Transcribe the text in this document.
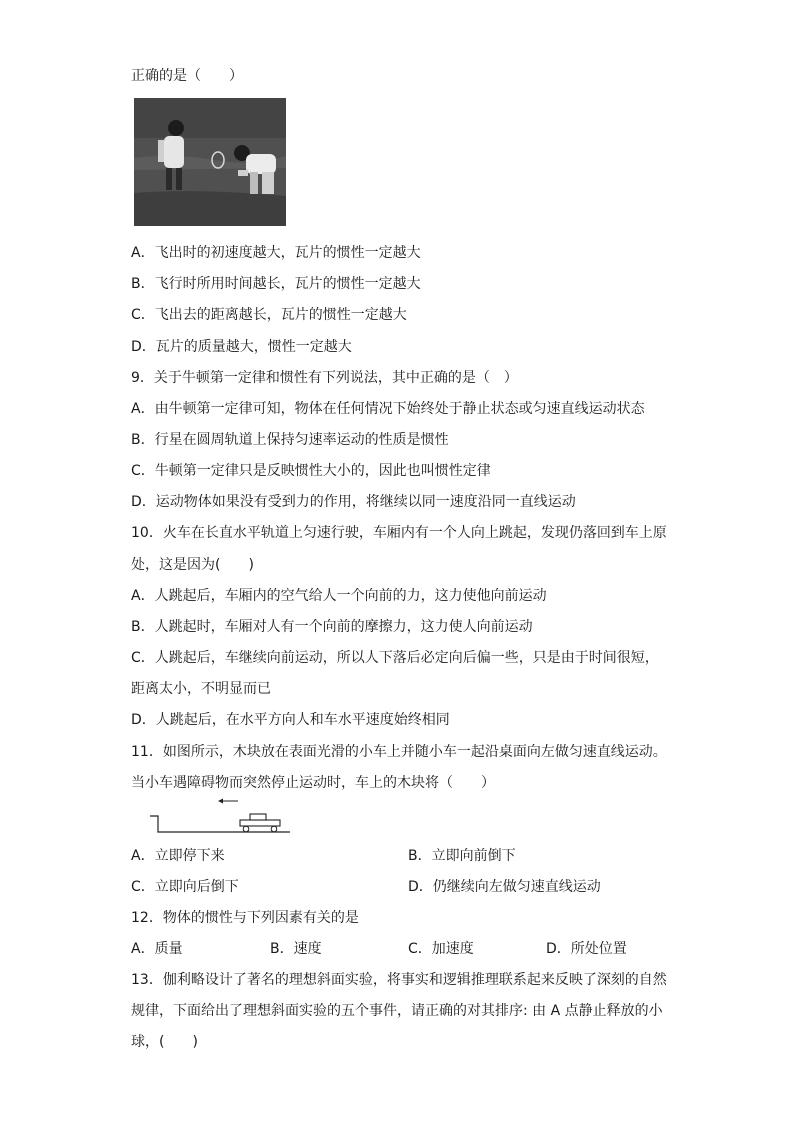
正确的是（　　）
A．飞出时的初速度越大，瓦片的惯性一定越大
B．飞行时所用时间越长，瓦片的惯性一定越大
C．飞出去的距离越长，瓦片的惯性一定越大
D．瓦片的质量越大，惯性一定越大
9．关于牛顿第一定律和惯性有下列说法，其中正确的是（　）
A．由牛顿第一定律可知，物体在任何情况下始终处于静止状态或匀速直线运动状态
B．行星在圆周轨道上保持匀速率运动的性质是惯性
C．牛顿第一定律只是反映惯性大小的，因此也叫惯性定律
D．运动物体如果没有受到力的作用，将继续以同一速度沿同一直线运动
10．火车在长直水平轨道上匀速行驶，车厢内有一个人向上跳起，发现仍落回到车上原
处，这是因为(　　)
A．人跳起后，车厢内的空气给人一个向前的力，这力使他向前运动
B．人跳起时，车厢对人有一个向前的摩擦力，这力使人向前运动
C．人跳起后，车继续向前运动，所以人下落后必定向后偏一些，只是由于时间很短，
距离太小，不明显而已
D．人跳起后，在水平方向人和车水平速度始终相同
11．如图所示，木块放在表面光滑的小车上并随小车一起沿桌面向左做匀速直线运动。
当小车遇障碍物而突然停止运动时，车上的木块将（　　）
A．立即停下来	B．立即向前倒下
C．立即向后倒下	D．仍继续向左做匀速直线运动
12．物体的惯性与下列因素有关的是
A．质量	B．速度	C．加速度	D．所处位置
13．伽利略设计了著名的理想斜面实验，将事实和逻辑推理联系起来反映了深刻的自然
规律，下面给出了理想斜面实验的五个事件，请正确的对其排序: 由 A 点静止释放的小
球，(　　)
